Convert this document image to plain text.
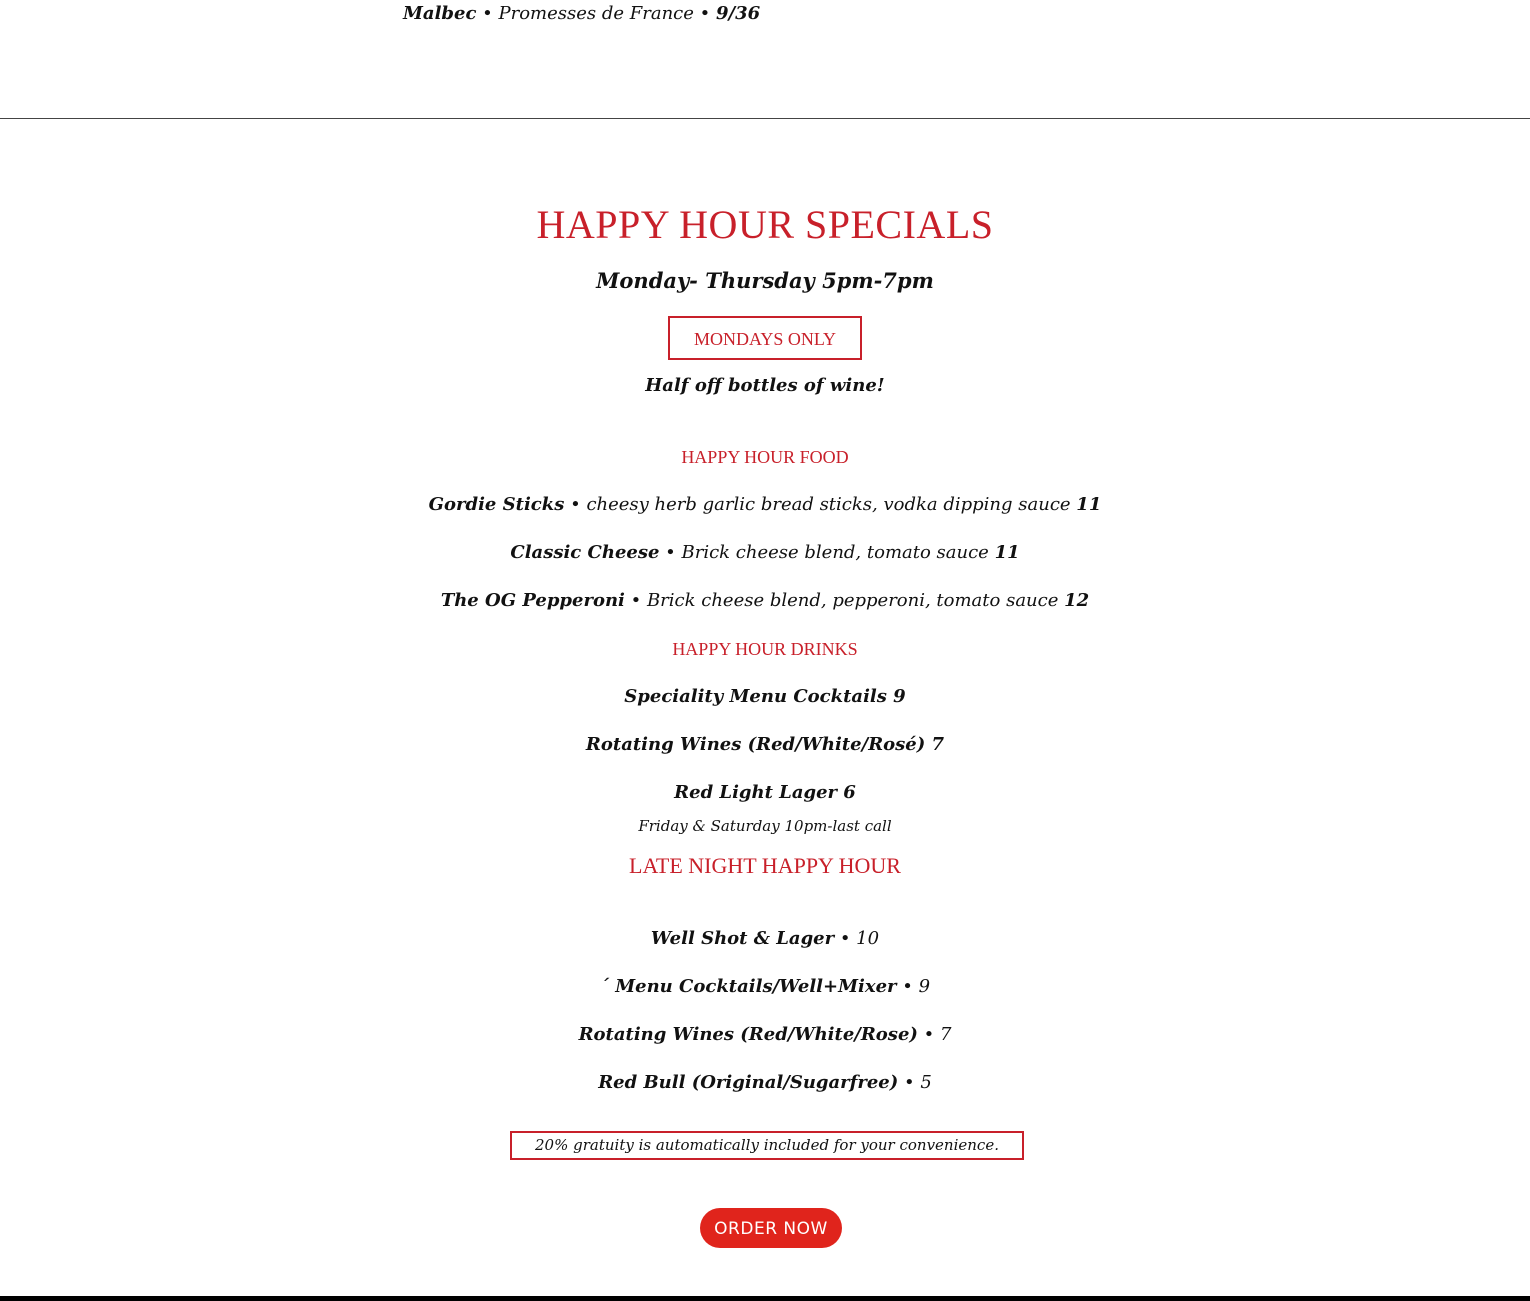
Malbec • Promesses de France • 9/36
HAPPY HOUR SPECIALS
Monday- Thursday 5pm-7pm
MONDAYS ONLY
Half off bottles of wine!
HAPPY HOUR FOOD
Gordie Sticks • cheesy herb garlic bread sticks, vodka dipping sauce 11
Classic Cheese • Brick cheese blend, tomato sauce 11
The OG Pepperoni • Brick cheese blend, pepperoni, tomato sauce 12
HAPPY HOUR DRINKS
Speciality Menu Cocktails 9
Rotating Wines (Red/White/Rosé) 7
Red Light Lager 6
Friday & Saturday 10pm-last call
LATE NIGHT HAPPY HOUR
Well Shot & Lager • 10
´ Menu Cocktails/Well+Mixer • 9
Rotating Wines (Red/White/Rose) • 7
Red Bull (Original/Sugarfree) • 5
20% gratuity is automatically included for your convenience.
ORDER NOW
